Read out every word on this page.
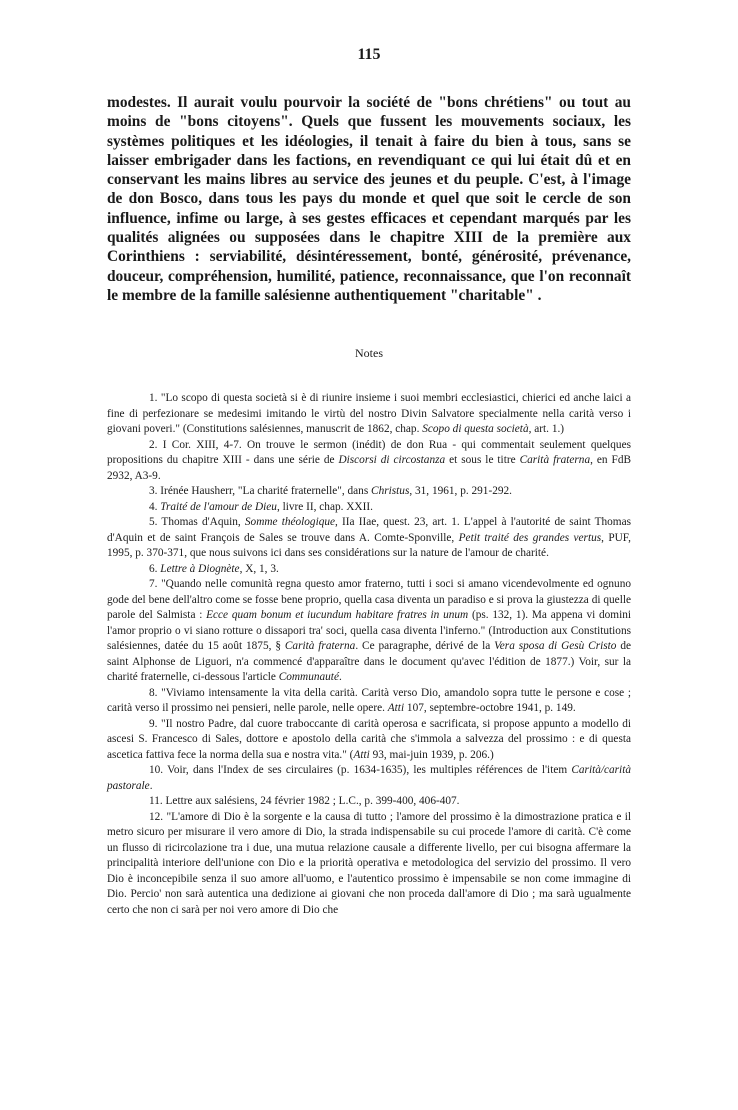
115

modestes. Il aurait voulu pourvoir la société de "bons chrétiens" ou tout au moins de "bons citoyens". Quels que fussent les mouvements sociaux, les systèmes politiques et les idéologies, il tenait à faire du bien à tous, sans se laisser embrigader dans les factions, en revendiquant ce qui lui était dû et en conservant les mains libres au service des jeunes et du peuple. C'est, à l'image de don Bosco, dans tous les pays du monde et quel que soit le cercle de son influence, infime ou large, à ses gestes efficaces et cependant marqués par les qualités alignées ou supposées dans le chapitre XIII de la première aux Corinthiens : serviabilité, désintéressement, bonté, générosité, prévenance, douceur, compréhension, humilité, patience, reconnaissance, que l'on reconnaît le membre de la famille salésienne authentiquement "charitable" .

Notes

1. "Lo scopo di questa società si è di riunire insieme i suoi membri ecclesiastici, chierici ed anche laici a fine di perfezionare se medesimi imitando le virtù del nostro Divin Salvatore specialmente nella carità verso i giovani poveri." (Constitutions salésiennes, manuscrit de 1862, chap. Scopo di questa società, art. 1.)

2. I Cor. XIII, 4-7. On trouve le sermon (inédit) de don Rua - qui commentait seulement quelques propositions du chapitre XIII - dans une série de Discorsi di circostanza et sous le titre Carità fraterna, en FdB 2932, A3-9.

3. Irénée Hausherr, "La charité fraternelle", dans Christus, 31, 1961, p. 291-292.

4. Traité de l'amour de Dieu, livre II, chap. XXII.

5. Thomas d'Aquin, Somme théologique, IIa IIae, quest. 23, art. 1. L'appel à l'autorité de saint Thomas d'Aquin et de saint François de Sales se trouve dans A. Comte-Sponville, Petit traité des grandes vertus, PUF, 1995, p. 370-371, que nous suivons ici dans ses considérations sur la nature de l'amour de charité.

6. Lettre à Diognète, X, 1, 3.

7. "Quando nelle comunità regna questo amor fraterno, tutti i soci si amano vicendevolmente ed ognuno gode del bene dell'altro come se fosse bene proprio, quella casa diventa un paradiso e si prova la giustezza di quelle parole del Salmista : Ecce quam bonum et iucundum habitare fratres in unum (ps. 132, 1). Ma appena vi domini l'amor proprio o vi siano rotture o dissapori tra' soci, quella casa diventa l'inferno." (Introduction aux Constitutions salésiennes, datée du 15 août 1875, § Carità fraterna. Ce paragraphe, dérivé de la Vera sposa di Gesù Cristo de saint Alphonse de Liguori, n'a commencé d'apparaître dans le document qu'avec l'édition de 1877.) Voir, sur la charité fraternelle, ci-dessous l'article Communauté.

8. "Viviamo intensamente la vita della carità. Carità verso Dio, amandolo sopra tutte le persone e cose ; carità verso il prossimo nei pensieri, nelle parole, nelle opere. Atti 107, septembre-octobre 1941, p. 149.

9. "Il nostro Padre, dal cuore traboccante di carità operosa e sacrificata, si propose appunto a modello di ascesi S. Francesco di Sales, dottore e apostolo della carità che s'immola a salvezza del prossimo : e di questa ascetica fattiva fece la norma della sua e nostra vita." (Atti 93, mai-juin 1939, p. 206.)

10. Voir, dans l'Index de ses circulaires (p. 1634-1635), les multiples références de l'item Carità/carità pastorale.

11. Lettre aux salésiens, 24 février 1982 ; L.C., p. 399-400, 406-407.

12. "L'amore di Dio è la sorgente e la causa di tutto ; l'amore del prossimo è la dimostrazione pratica e il metro sicuro per misurare il vero amore di Dio, la strada indispensabile su cui procede l'amore di carità. C'è come un flusso di ricircolazione tra i due, una mutua relazione causale a differente livello, per cui bisogna affermare la principalità interiore dell'unione con Dio e la priorità operativa e metodologica del servizio del prossimo. Il vero Dio è inconcepibile senza il suo amore all'uomo, e l'autentico prossimo è impensabile se non come immagine di Dio. Percio' non sarà autentica una dedizione ai giovani che non proceda dall'amore di Dio ; ma sarà ugualmente certo che non ci sarà per noi vero amore di Dio che
